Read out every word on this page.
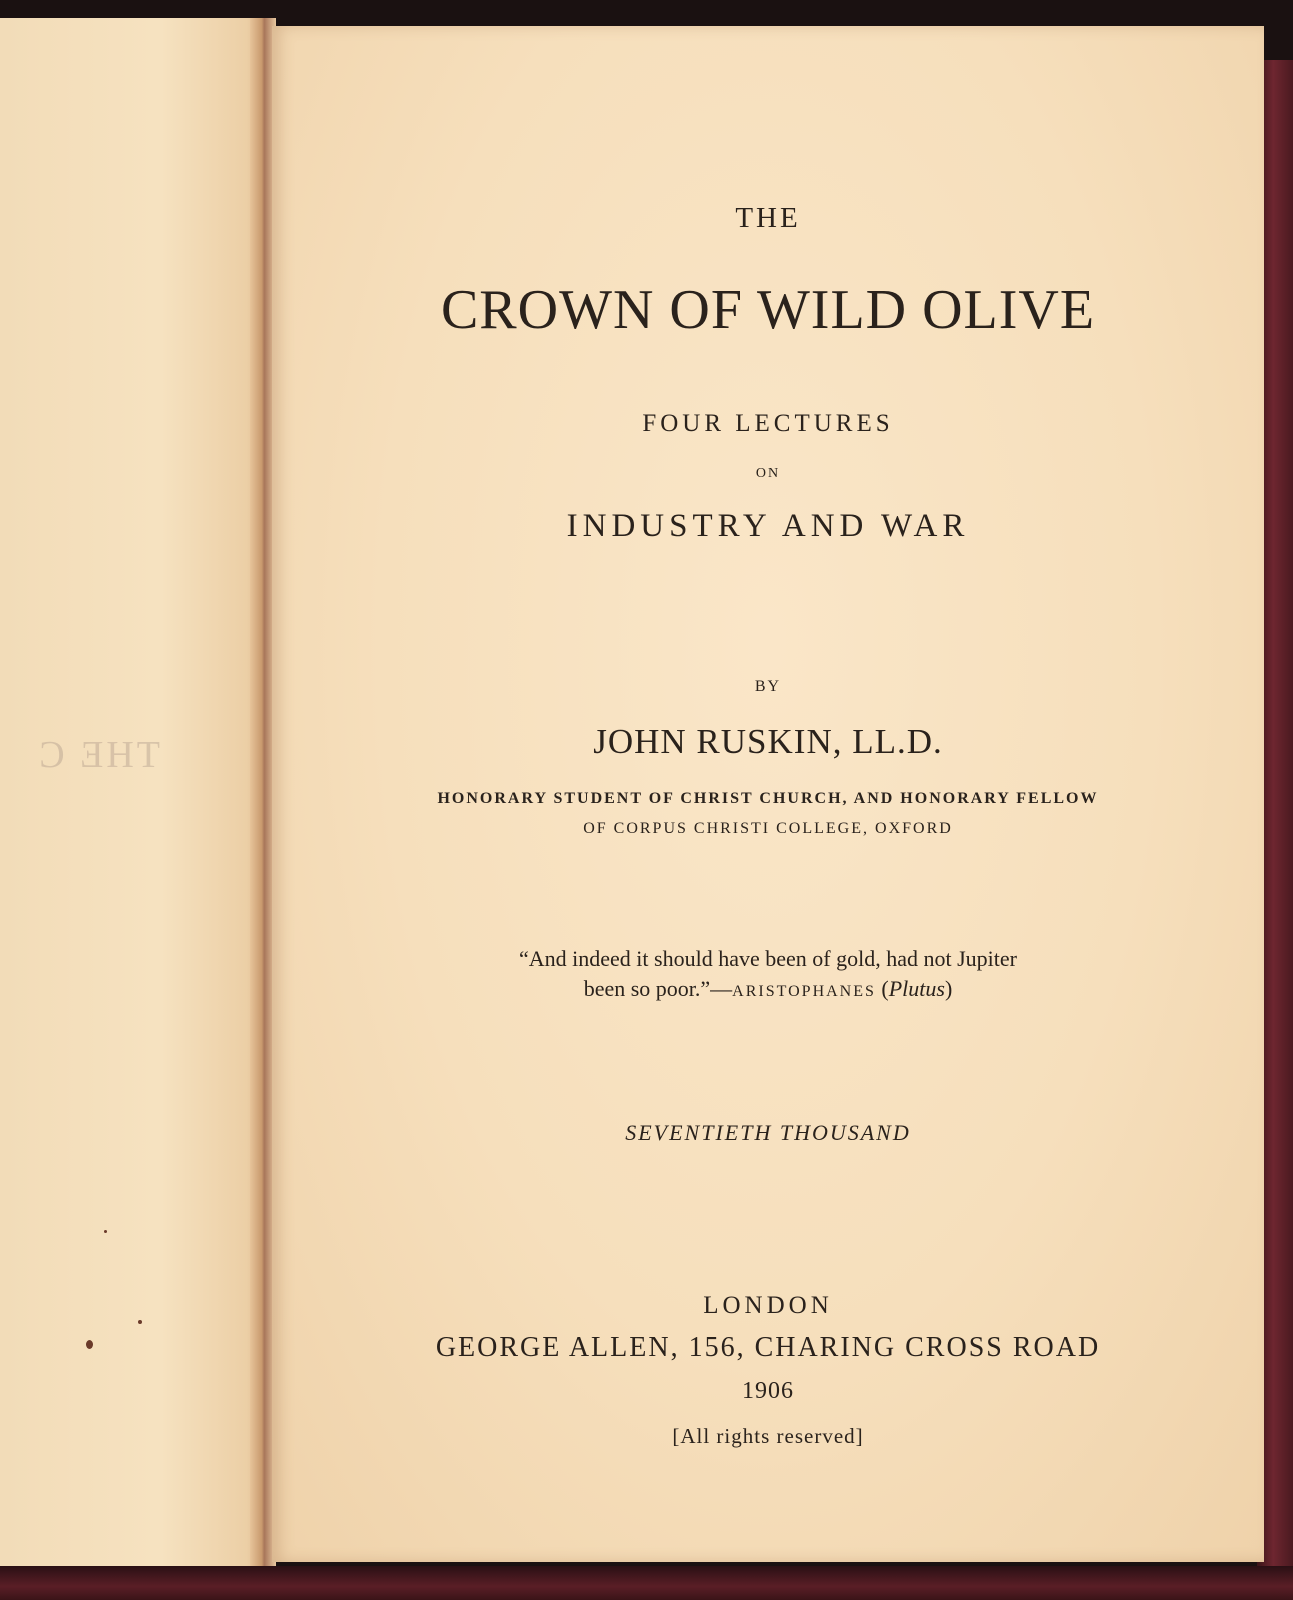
THE C
THE
CROWN OF WILD OLIVE
FOUR LECTURES
ON
INDUSTRY AND WAR
BY
JOHN RUSKIN, LL.D.
HONORARY STUDENT OF CHRIST CHURCH, AND HONORARY FELLOW
OF CORPUS CHRISTI COLLEGE, OXFORD
“And indeed it should have been of gold, had not Jupiter
been so poor.”—ARISTOPHANES (Plutus)
SEVENTIETH THOUSAND
LONDON
GEORGE ALLEN, 156, CHARING CROSS ROAD
1906
[All rights reserved]
